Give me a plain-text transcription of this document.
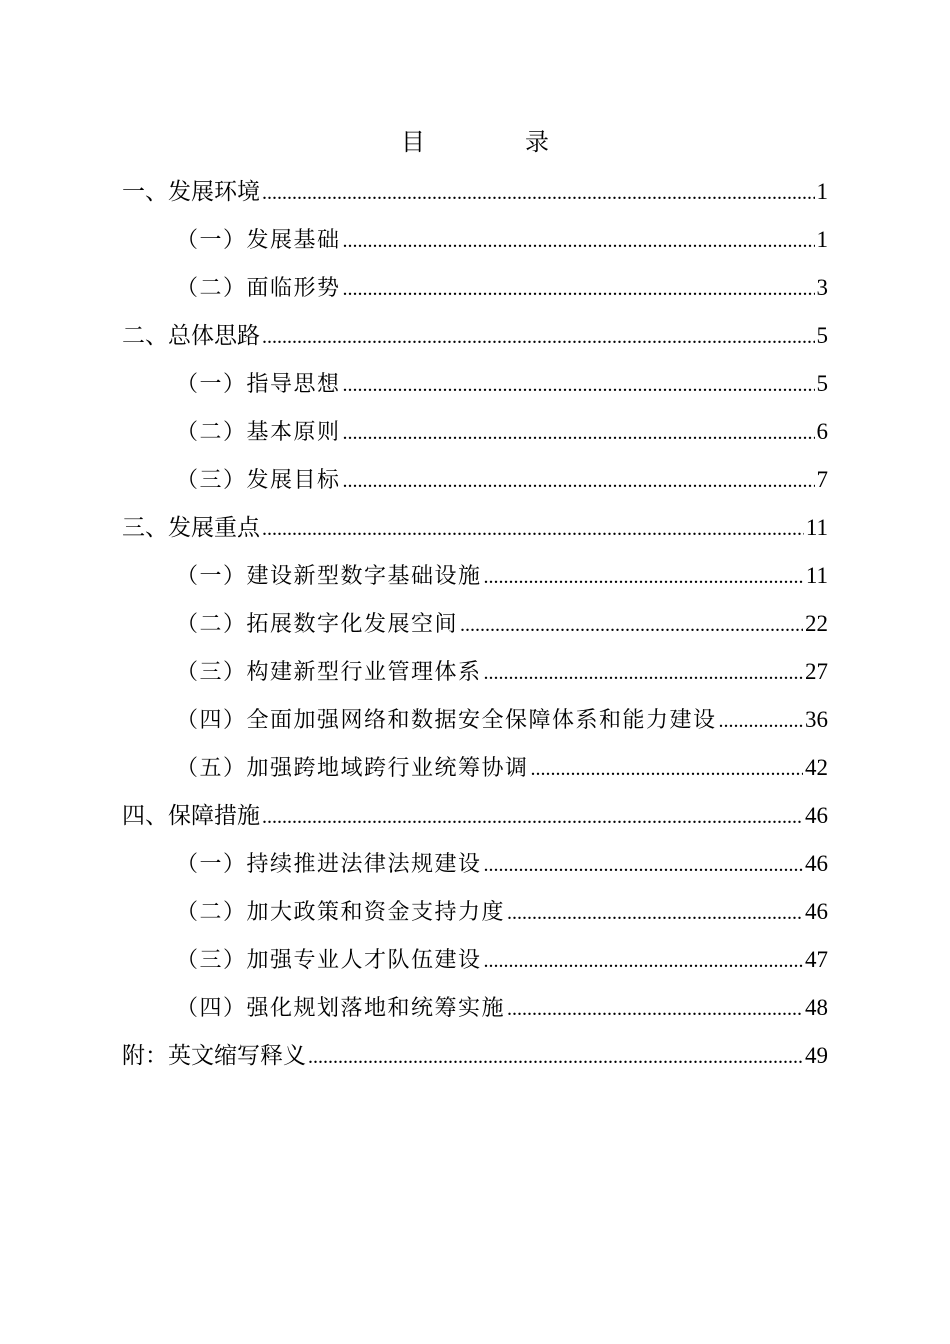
目　录
一、发展环境 .....	1
（一）发展基础 .....	1
（二）面临形势 .....	3
二、总体思路 .....	5
（一）指导思想 .....	5
（二）基本原则 .....	6
（三）发展目标 .....	7
三、发展重点 .....	11
（一）建设新型数字基础设施 .....	11
（二）拓展数字化发展空间 .....	22
（三）构建新型行业管理体系 .....	27
（四）全面加强网络和数据安全保障体系和能力建设 .....	36
（五）加强跨地域跨行业统筹协调 .....	42
四、保障措施 .....	46
（一）持续推进法律法规建设 .....	46
（二）加大政策和资金支持力度 .....	46
（三）加强专业人才队伍建设 .....	47
（四）强化规划落地和统筹实施 .....	48
附：英文缩写释义 .....	49
